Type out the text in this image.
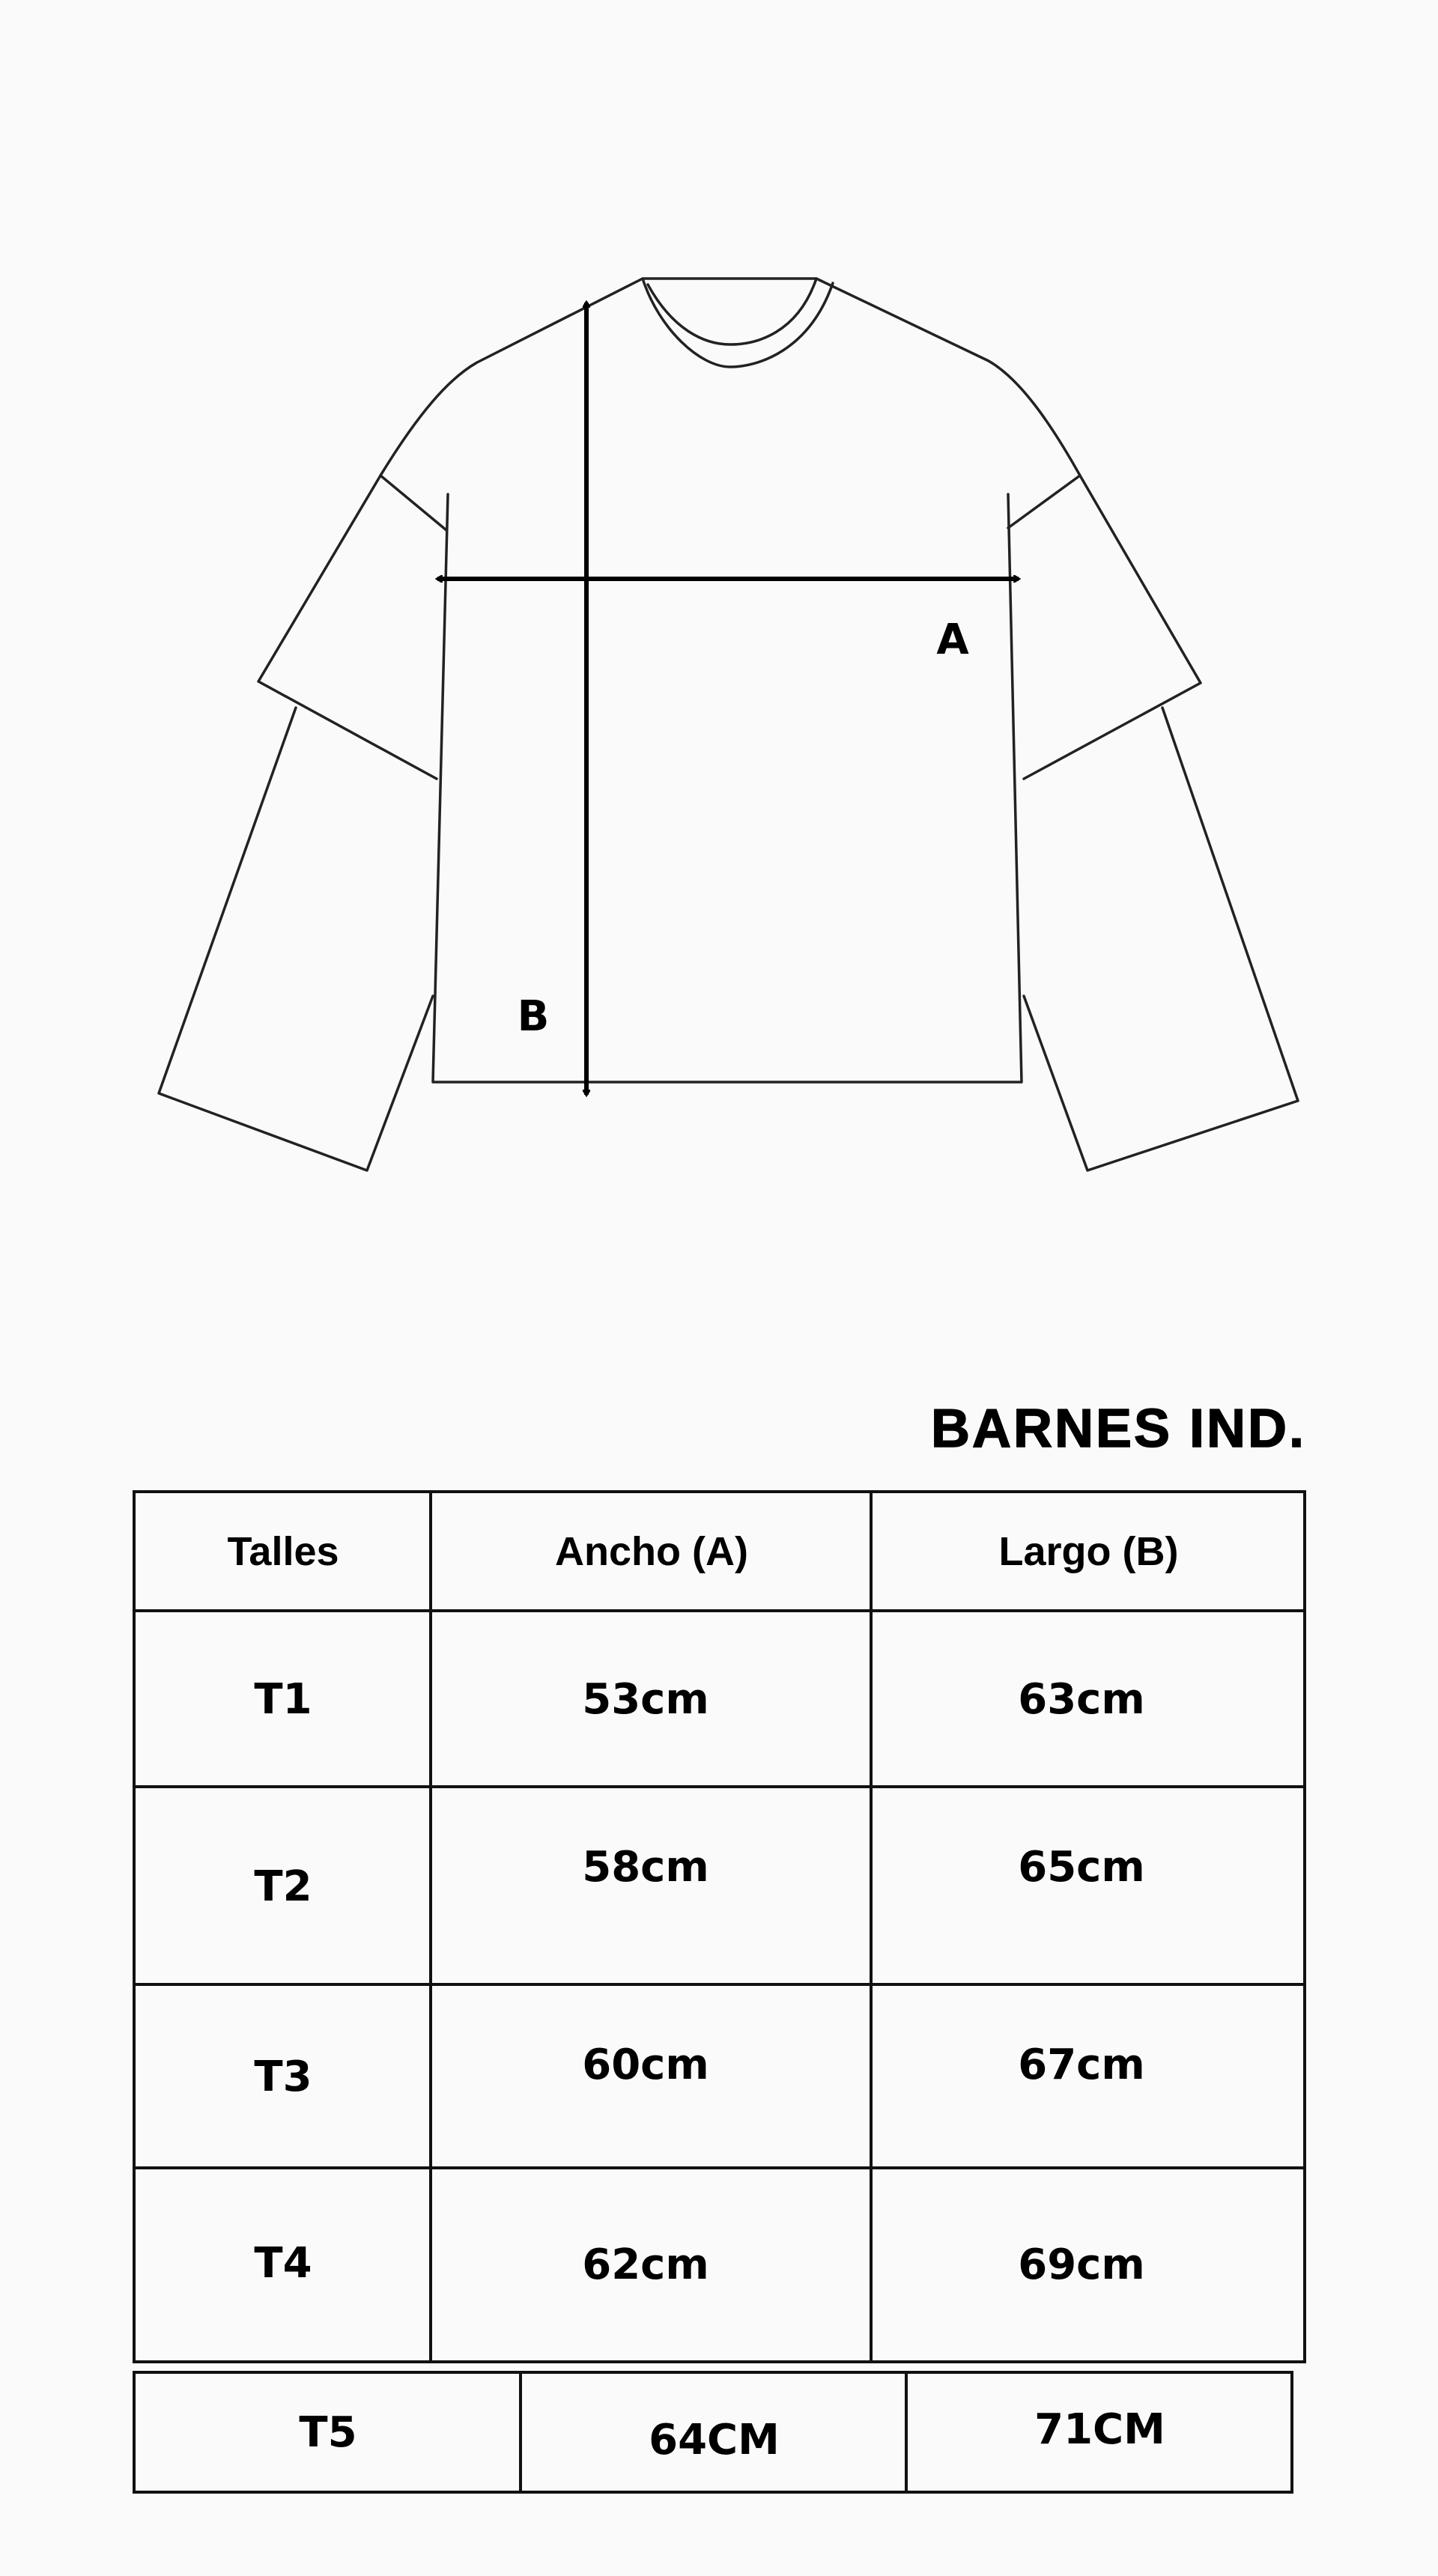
A
B
BARNES IND.
Talles	Ancho (A)	Largo (B)
T1	53cm	63cm
T2	58cm	65cm
T3	60cm	67cm
T4	62cm	69cm
T5	64CM	71CM
